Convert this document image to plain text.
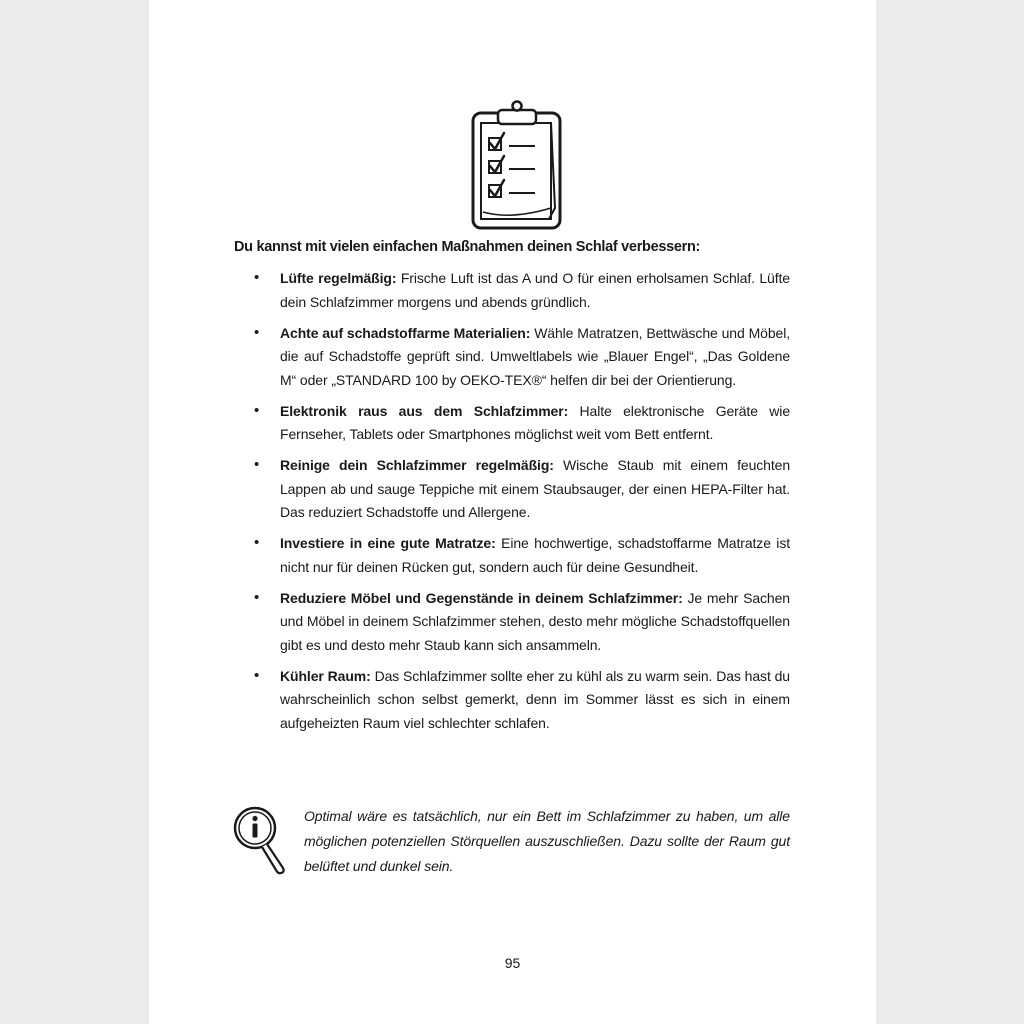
Du kannst mit vielen einfachen Maßnahmen deinen Schlaf verbessern:

• Lüfte regelmäßig: Frische Luft ist das A und O für einen erholsamen Schlaf. Lüfte dein Schlafzimmer morgens und abends gründlich.
• Achte auf schadstoffarme Materialien: Wähle Matratzen, Bettwäsche und Möbel, die auf Schadstoffe geprüft sind. Umweltlabels wie „Blauer Engel“, „Das Goldene M“ oder „STANDARD 100 by OEKO-TEX®“ helfen dir bei der Orientierung.
• Elektronik raus aus dem Schlafzimmer: Halte elektronische Geräte wie Fernseher, Tablets oder Smartphones möglichst weit vom Bett entfernt.
• Reinige dein Schlafzimmer regelmäßig: Wische Staub mit einem feuchten Lappen ab und sauge Teppiche mit einem Staubsauger, der einen HEPA-Filter hat. Das reduziert Schadstoffe und Allergene.
• Investiere in eine gute Matratze: Eine hochwertige, schadstoffarme Matratze ist nicht nur für deinen Rücken gut, sondern auch für deine Gesundheit.
• Reduziere Möbel und Gegenstände in deinem Schlafzimmer: Je mehr Sachen und Möbel in deinem Schlafzimmer stehen, desto mehr mögliche Schadstoffquellen gibt es und desto mehr Staub kann sich ansammeln.
• Kühler Raum: Das Schlafzimmer sollte eher zu kühl als zu warm sein. Das hast du wahrscheinlich schon selbst gemerkt, denn im Sommer lässt es sich in einem aufgeheizten Raum viel schlechter schlafen.

Optimal wäre es tatsächlich, nur ein Bett im Schlafzimmer zu haben, um alle möglichen potenziellen Störquellen auszuschließen. Dazu sollte der Raum gut belüftet und dunkel sein.

95
